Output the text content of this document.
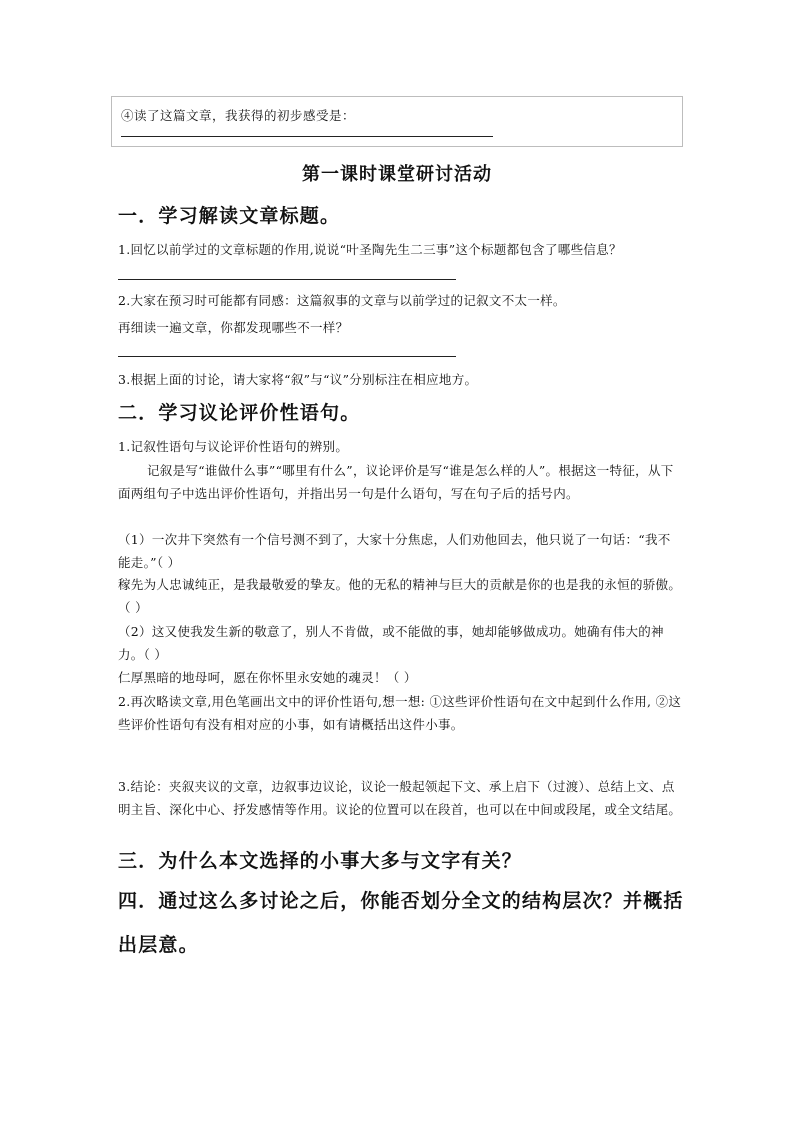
④读了这篇文章，我获得的初步感受是：
第一课时课堂研讨活动
一．学习解读文章标题。
1.回忆以前学过的文章标题的作用,说说“叶圣陶先生二三事”这个标题都包含了哪些信息？
2.大家在预习时可能都有同感：这篇叙事的文章与以前学过的记叙文不太一样。
再细读一遍文章，你都发现哪些不一样？
3.根据上面的讨论，请大家将“叙”与“议”分别标注在相应地方。
二．学习议论评价性语句。
1.记叙性语句与议论评价性语句的辨别。
记叙是写“谁做什么事”“哪里有什么”，议论评价是写“谁是怎么样的人”。根据这一特征，从下面两组句子中选出评价性语句，并指出另一句是什么语句，写在句子后的括号内。
（1）一次井下突然有一个信号测不到了，大家十分焦虑，人们劝他回去，他只说了一句话：“我不能走。”（ ）
稼先为人忠诚纯正，是我最敬爱的挚友。他的无私的精神与巨大的贡献是你的也是我的永恒的骄傲。（ ）
（2）这又使我发生新的敬意了，别人不肯做，或不能做的事，她却能够做成功。她确有伟大的神力。（ ）
仁厚黑暗的地母呵，愿在你怀里永安她的魂灵！（ ）
2.再次略读文章,用色笔画出文中的评价性语句,想一想: ①这些评价性语句在文中起到什么作用, ②这些评价性语句有没有相对应的小事，如有请概括出这件小事。
3.结论：夹叙夹议的文章，边叙事边议论，议论一般起领起下文、承上启下（过渡）、总结上文、点明主旨、深化中心、抒发感情等作用。议论的位置可以在段首，也可以在中间或段尾，或全文结尾。
三．为什么本文选择的小事大多与文字有关？
四．通过这么多讨论之后，你能否划分全文的结构层次？并概括出层意。
